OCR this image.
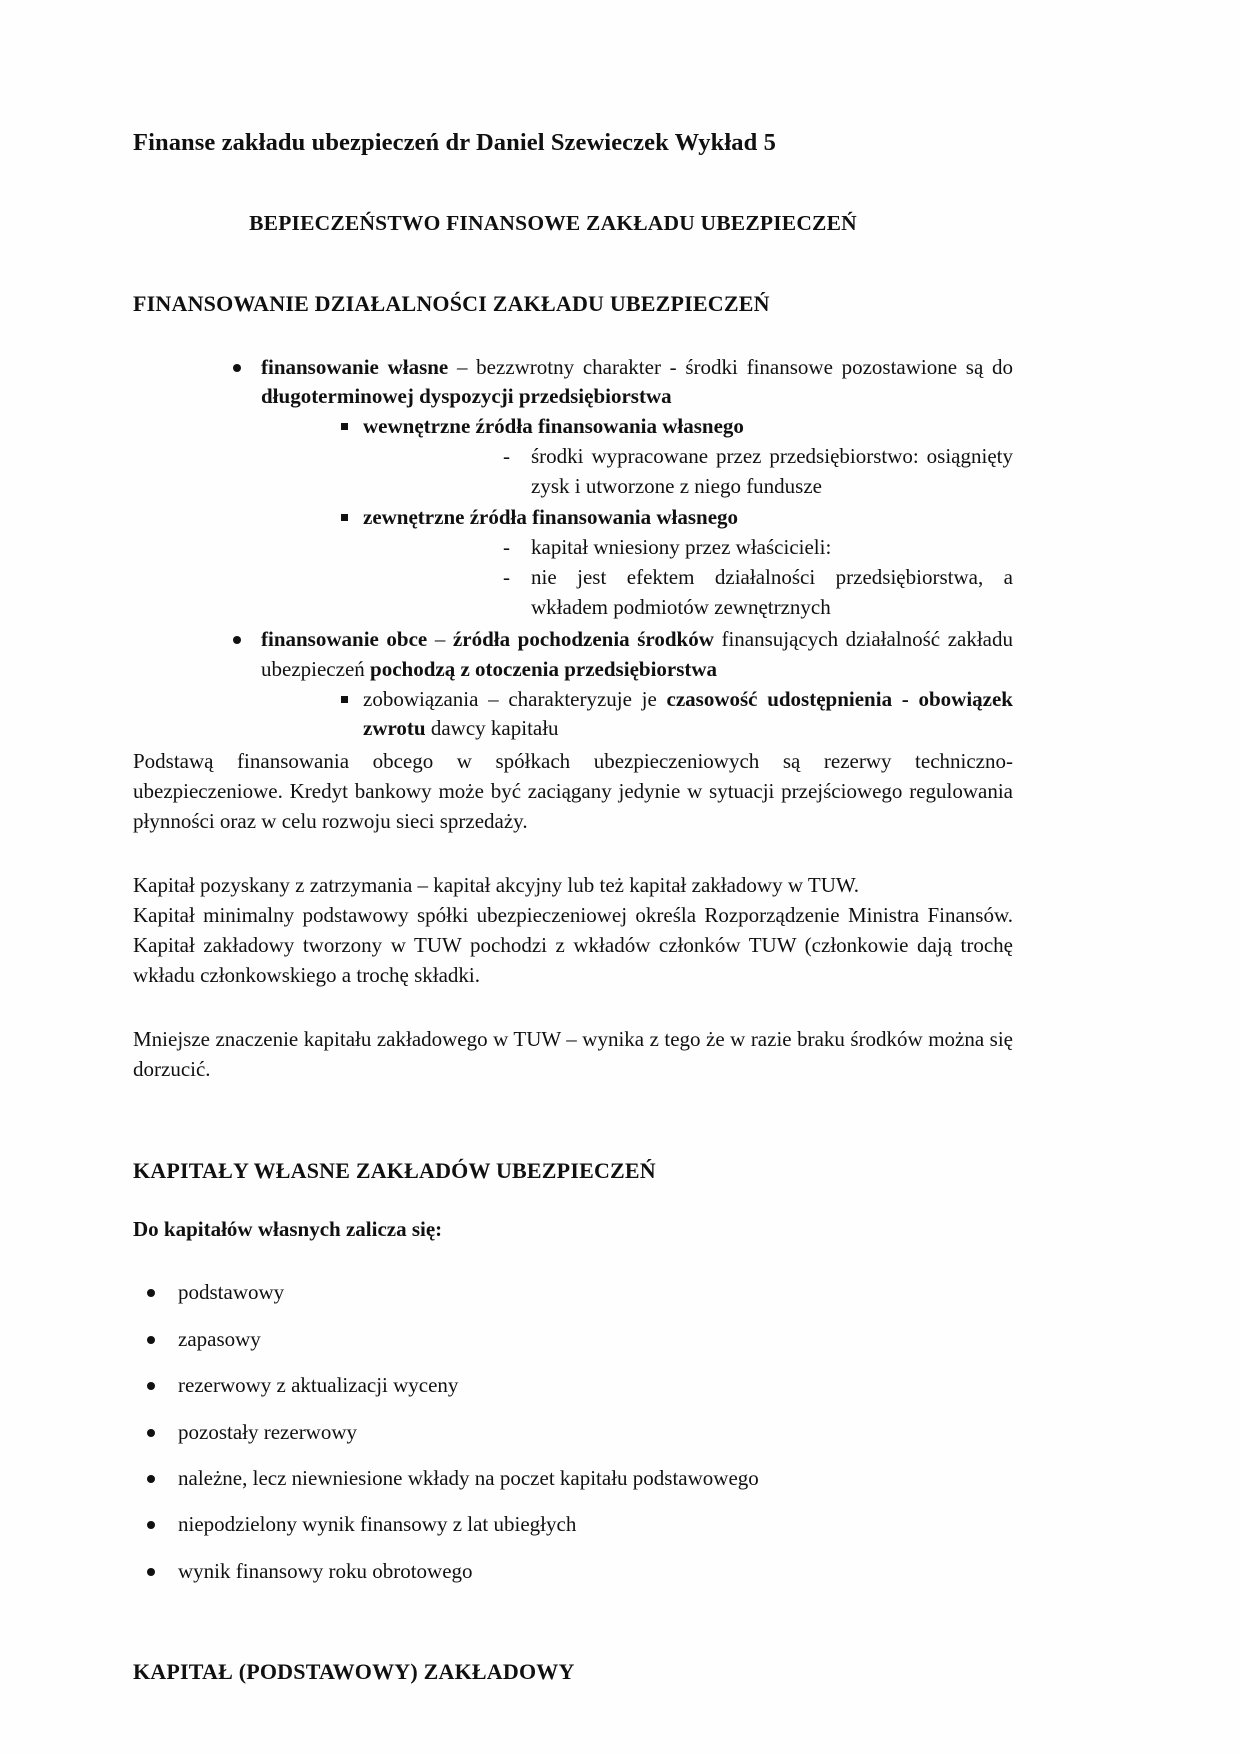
Finanse zakładu ubezpieczeń dr Daniel Szewieczek Wykład 5
BEPIECZEŃSTWO FINANSOWE ZAKŁADU UBEZPIECZEŃ
FINANSOWANIE DZIAŁALNOŚCI ZAKŁADU UBEZPIECZEŃ
finansowanie własne – bezzwrotny charakter - środki finansowe pozostawione są do długoterminowej dyspozycji przedsiębiorstwa
wewnętrzne źródła finansowania własnego
- środki wypracowane przez przedsiębiorstwo: osiągnięty zysk i utworzone z niego fundusze
zewnętrzne źródła finansowania własnego
- kapitał wniesiony przez właścicieli:
- nie jest efektem działalności przedsiębiorstwa, a wkładem podmiotów zewnętrznych
finansowanie obce – źródła pochodzenia środków finansujących działalność zakładu ubezpieczeń pochodzą z otoczenia przedsiębiorstwa
zobowiązania – charakteryzuje je czasowość udostępnienia - obowiązek zwrotu dawcy kapitału

Podstawą finansowania obcego w spółkach ubezpieczeniowych są rezerwy techniczno-ubezpieczeniowe. Kredyt bankowy może być zaciągany jedynie w sytuacji przejściowego regulowania płynności oraz w celu rozwoju sieci sprzedaży.

Kapitał pozyskany z zatrzymania – kapitał akcyjny lub też kapitał zakładowy w TUW.

Kapitał minimalny podstawowy spółki ubezpieczeniowej określa Rozporządzenie Ministra Finansów. Kapitał zakładowy tworzony w TUW pochodzi z wkładów członków TUW (członkowie dają trochę wkładu członkowskiego a trochę składki.

Mniejsze znaczenie kapitału zakładowego w TUW – wynika z tego że w razie braku środków można się dorzucić.

KAPITAŁY WŁASNE ZAKŁADÓW UBEZPIECZEŃ

Do kapitałów własnych zalicza się:

podstawowy
zapasowy
rezerwowy z aktualizacji wyceny
pozostały rezerwowy
należne, lecz niewniesione wkłady na poczet kapitału podstawowego
niepodzielony wynik finansowy z lat ubiegłych
wynik finansowy roku obrotowego
KAPITAŁ (PODSTAWOWY) ZAKŁADOWY
